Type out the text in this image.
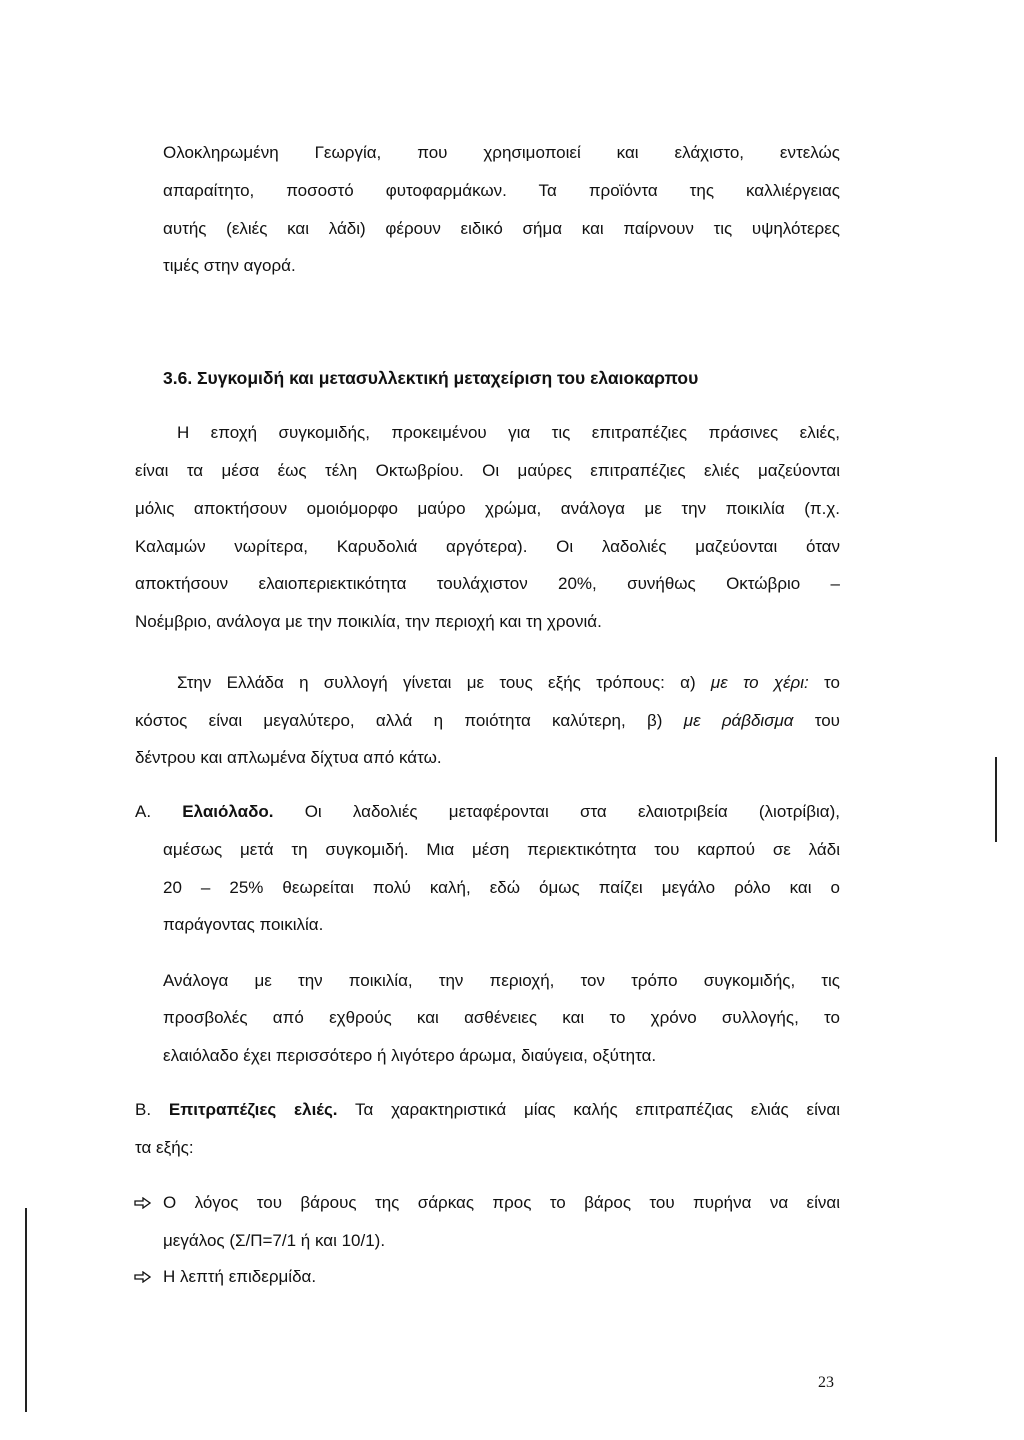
Ολοκληρωμένη Γεωργία, που χρησιμοποιεί και ελάχιστο, εντελώς
απαραίτητο, ποσοστό φυτοφαρμάκων. Τα προϊόντα της καλλιέργειας
αυτής (ελιές και λάδι) φέρουν ειδικό σήμα και παίρνουν τις υψηλότερες
τιμές στην αγορά.
3.6. Συγκομιδή και μετασυλλεκτική μεταχείριση του ελαιοκαρπου
Η εποχή συγκομιδής, προκειμένου για τις επιτραπέζιες πράσινες ελιές,
είναι τα μέσα έως τέλη Οκτωβρίου. Οι μαύρες επιτραπέζιες ελιές μαζεύονται
μόλις αποκτήσουν ομοιόμορφο μαύρο χρώμα, ανάλογα με την ποικιλία (π.χ.
Καλαμών νωρίτερα, Καρυδολιά αργότερα). Οι λαδολιές μαζεύονται όταν
αποκτήσουν ελαιοπεριεκτικότητα τουλάχιστον 20%, συνήθως Οκτώβριο –
Νοέμβριο, ανάλογα με την ποικιλία, την περιοχή και τη χρονιά.
Στην Ελλάδα η συλλογή γίνεται με τους εξής τρόπους: α) με το χέρι: το
κόστος είναι μεγαλύτερο, αλλά η ποιότητα καλύτερη, β) με ράβδισμα του
δέντρου και απλωμένα δίχτυα από κάτω.
Α. Ελαιόλαδο. Οι λαδολιές μεταφέρονται στα ελαιοτριβεία (λιοτρίβια),
αμέσως μετά τη συγκομιδή. Μια μέση περιεκτικότητα του καρπού σε λάδι
20 – 25% θεωρείται πολύ καλή, εδώ όμως παίζει μεγάλο ρόλο και ο
παράγοντας ποικιλία.
Ανάλογα με την ποικιλία, την περιοχή, τον τρόπο συγκομιδής, τις
προσβολές από εχθρούς και ασθένειες και το χρόνο συλλογής, το
ελαιόλαδο έχει περισσότερο ή λιγότερο άρωμα, διαύγεια, οξύτητα.
Β. Επιτραπέζιες ελιές. Τα χαρακτηριστικά μίας καλής επιτραπέζιας ελιάς είναι
τα εξής:
Ο λόγος του βάρους της σάρκας προς το βάρος του πυρήνα να είναι
μεγάλος (Σ/Π=7/1 ή και 10/1).
Η λεπτή επιδερμίδα.
23
